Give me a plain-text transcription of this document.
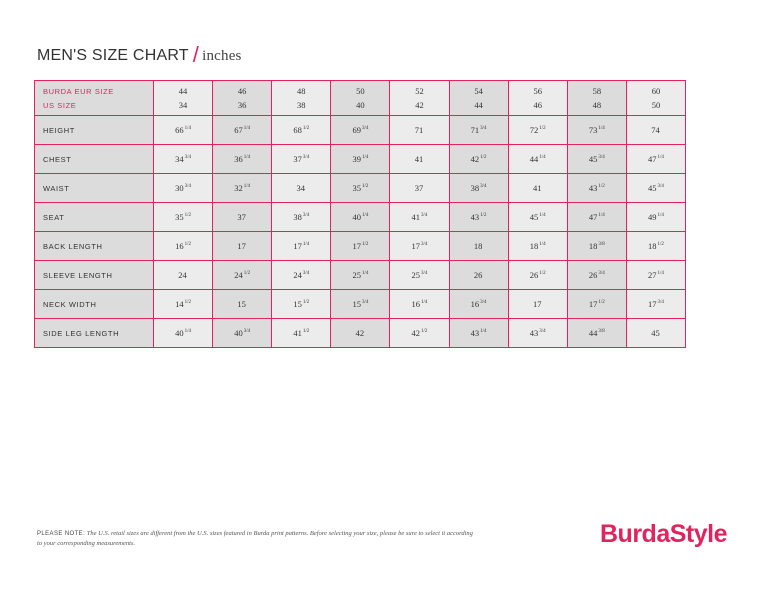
MEN'S SIZE CHART / inches
BURDA EUR SIZE	44	46	48	50	52	54	56	58	60
US SIZE	34	36	38	40	42	44	46	48	50
HEIGHT	$66^{1/4}$	$67^{1/4}$	$68^{1/2}$	$69^{3/4}$	71	$71^{3/4}$	$72^{1/2}$	$73^{1/4}$	74
CHEST	$34^{3/4}$	$36^{1/4}$	$37^{3/4}$	$39^{1/4}$	41	$42^{1/2}$	$44^{1/4}$	$45^{3/4}$	$47^{1/4}$
WAIST	$30^{3/4}$	$32^{1/4}$	34	$35^{1/2}$	37	$38^{3/4}$	41	$43^{1/2}$	$45^{3/4}$
SEAT	$35^{1/2}$	37	$38^{3/4}$	$40^{1/4}$	$41^{3/4}$	$43^{1/2}$	$45^{1/4}$	$47^{1/4}$	$49^{1/4}$
BACK LENGTH	$16^{1/2}$	17	$17^{1/4}$	$17^{1/2}$	$17^{3/4}$	18	$18^{1/4}$	$18^{3/8}$	$18^{1/2}$
SLEEVE LENGTH	24	$24^{1/2}$	$24^{3/4}$	$25^{1/4}$	$25^{3/4}$	26	$26^{1/2}$	$26^{3/4}$	$27^{1/4}$
NECK WIDTH	$14^{1/2}$	15	$15^{1/2}$	$15^{3/4}$	$16^{1/4}$	$16^{3/4}$	17	$17^{1/2}$	$17^{3/4}$
SIDE LEG LENGTH	$40^{1/4}$	$40^{3/4}$	$41^{1/2}$	42	$42^{1/2}$	$43^{1/4}$	$43^{3/4}$	$44^{3/8}$	45
PLEASE NOTE: The U.S. retail sizes are different from the U.S. sizes featured in Burda print patterns. Before selecting your size, please be sure to select it according to your corresponding measurements.	BurdaStyle
